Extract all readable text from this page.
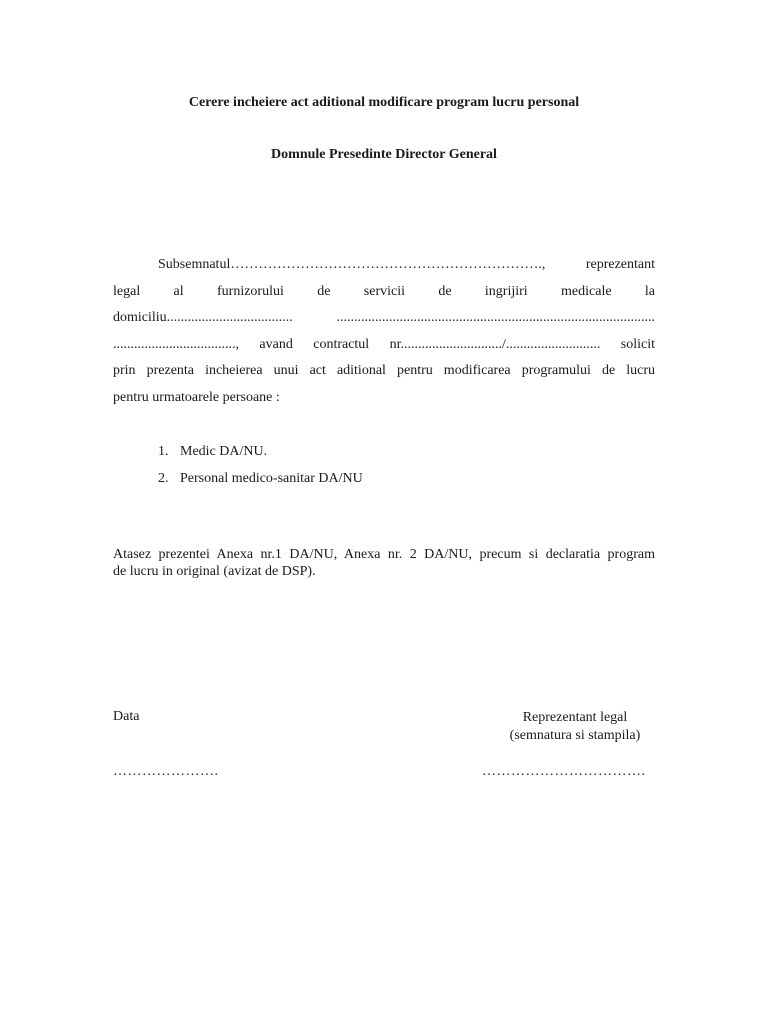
Cerere incheiere act aditional modificare program lucru personal
Domnule Presedinte Director General
Subsemnatul…………………………………………………………., reprezentant
legal al furnizorului de servicii de ingrijiri medicale la
domiciliu.................................... ...........................................................................................
..................................., avand contractul nr............................./........................... solicit
prin prezenta incheierea unui act aditional pentru modificarea programului de lucru
pentru urmatoarele persoane :
1. Medic DA/NU.
2. Personal medico-sanitar DA/NU
Atasez prezentei Anexa nr.1 DA/NU, Anexa nr. 2 DA/NU, precum si declaratia program
de lucru in original (avizat de DSP).
Data	Reprezentant legal
(semnatura si stampila)
………………….	…………………………….
